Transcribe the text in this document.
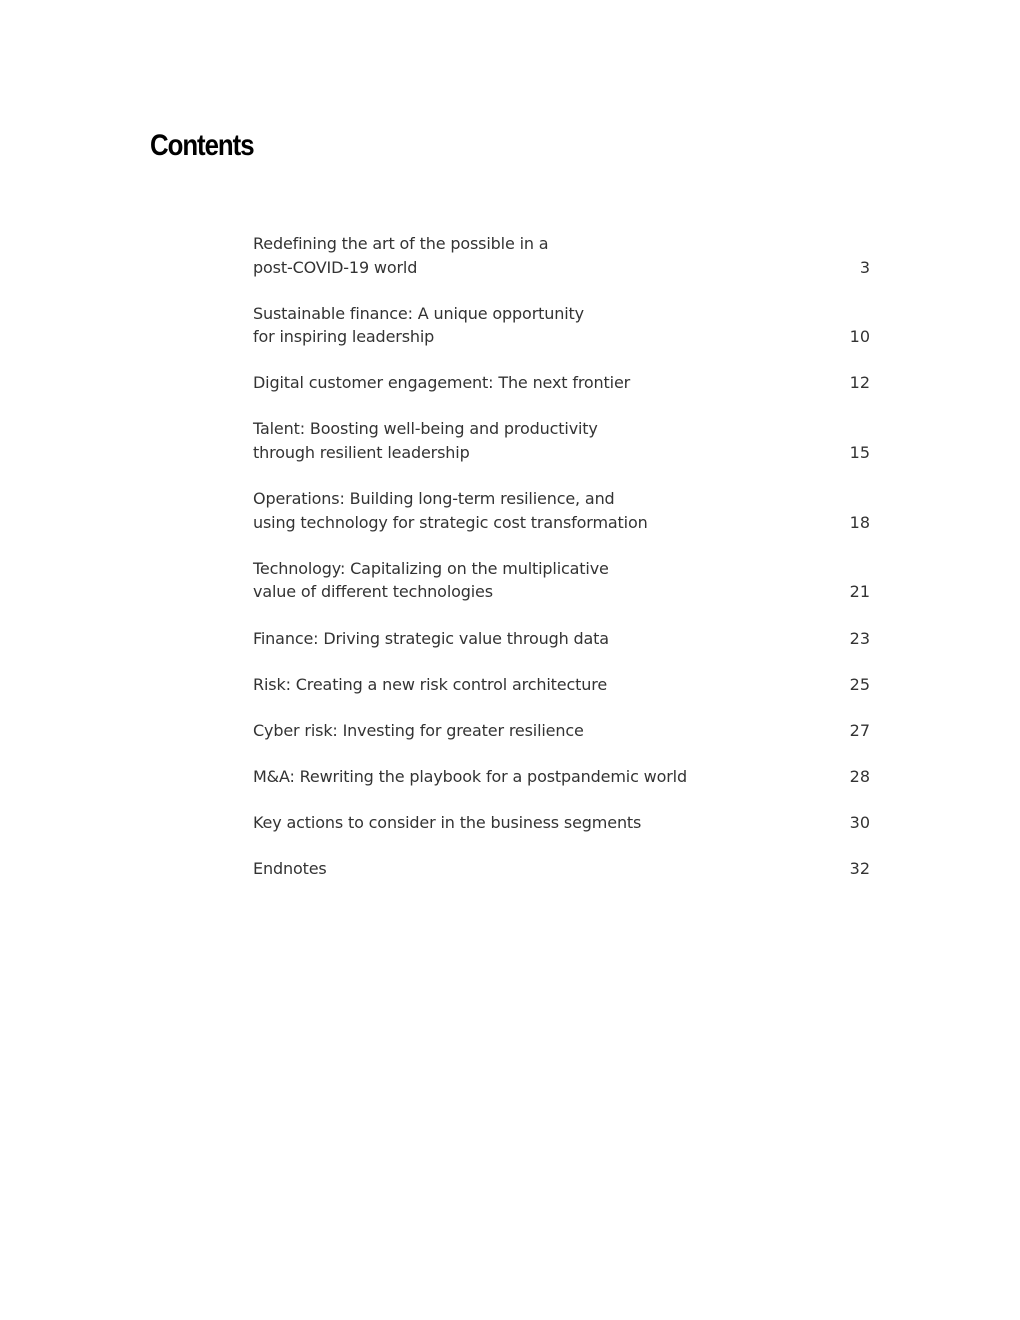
Contents
Redefining the art of the possible in a
post-COVID-19 world	3
Sustainable finance: A unique opportunity
for inspiring leadership	10
Digital customer engagement: The next frontier	12
Talent: Boosting well-being and productivity
through resilient leadership	15
Operations: Building long-term resilience, and
using technology for strategic cost transformation	18
Technology: Capitalizing on the multiplicative
value of different technologies	21
Finance: Driving strategic value through data	23
Risk: Creating a new risk control architecture	25
Cyber risk: Investing for greater resilience	27
M&A: Rewriting the playbook for a postpandemic world	28
Key actions to consider in the business segments	30
Endnotes	32
